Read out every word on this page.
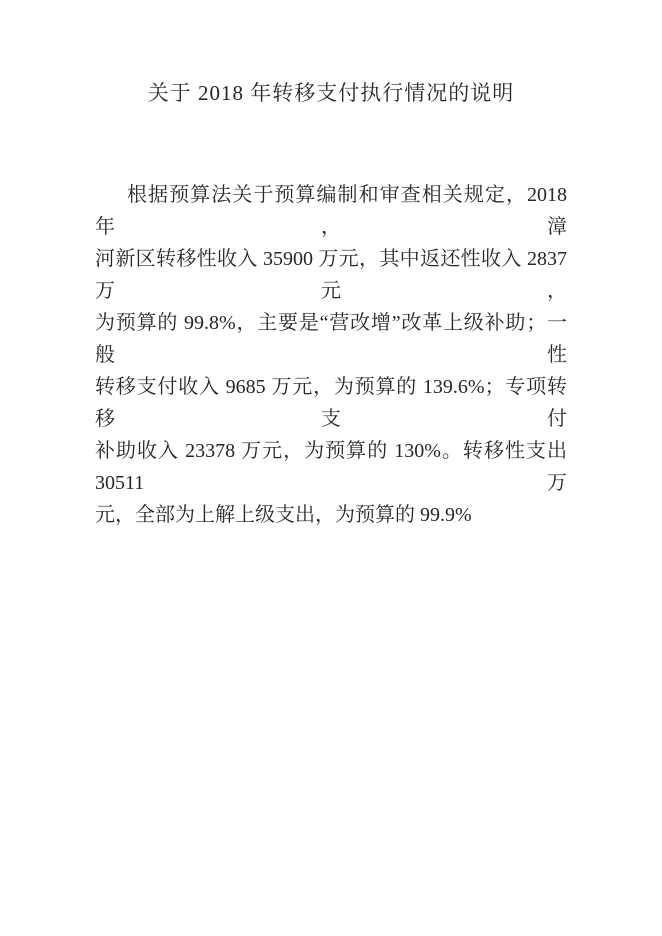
关于 2018 年转移支付执行情况的说明

根据预算法关于预算编制和审查相关规定，2018 年，漳

河新区转移性收入 35900 万元，其中返还性收入 2837 万元，

为预算的 99.8%，主要是“营改增”改革上级补助；一般性

转移支付收入 9685 万元，为预算的 139.6%；专项转移支付

补助收入 23378 万元，为预算的 130%。转移性支出 30511 万

元，全部为上解上级支出，为预算的 99.9%
